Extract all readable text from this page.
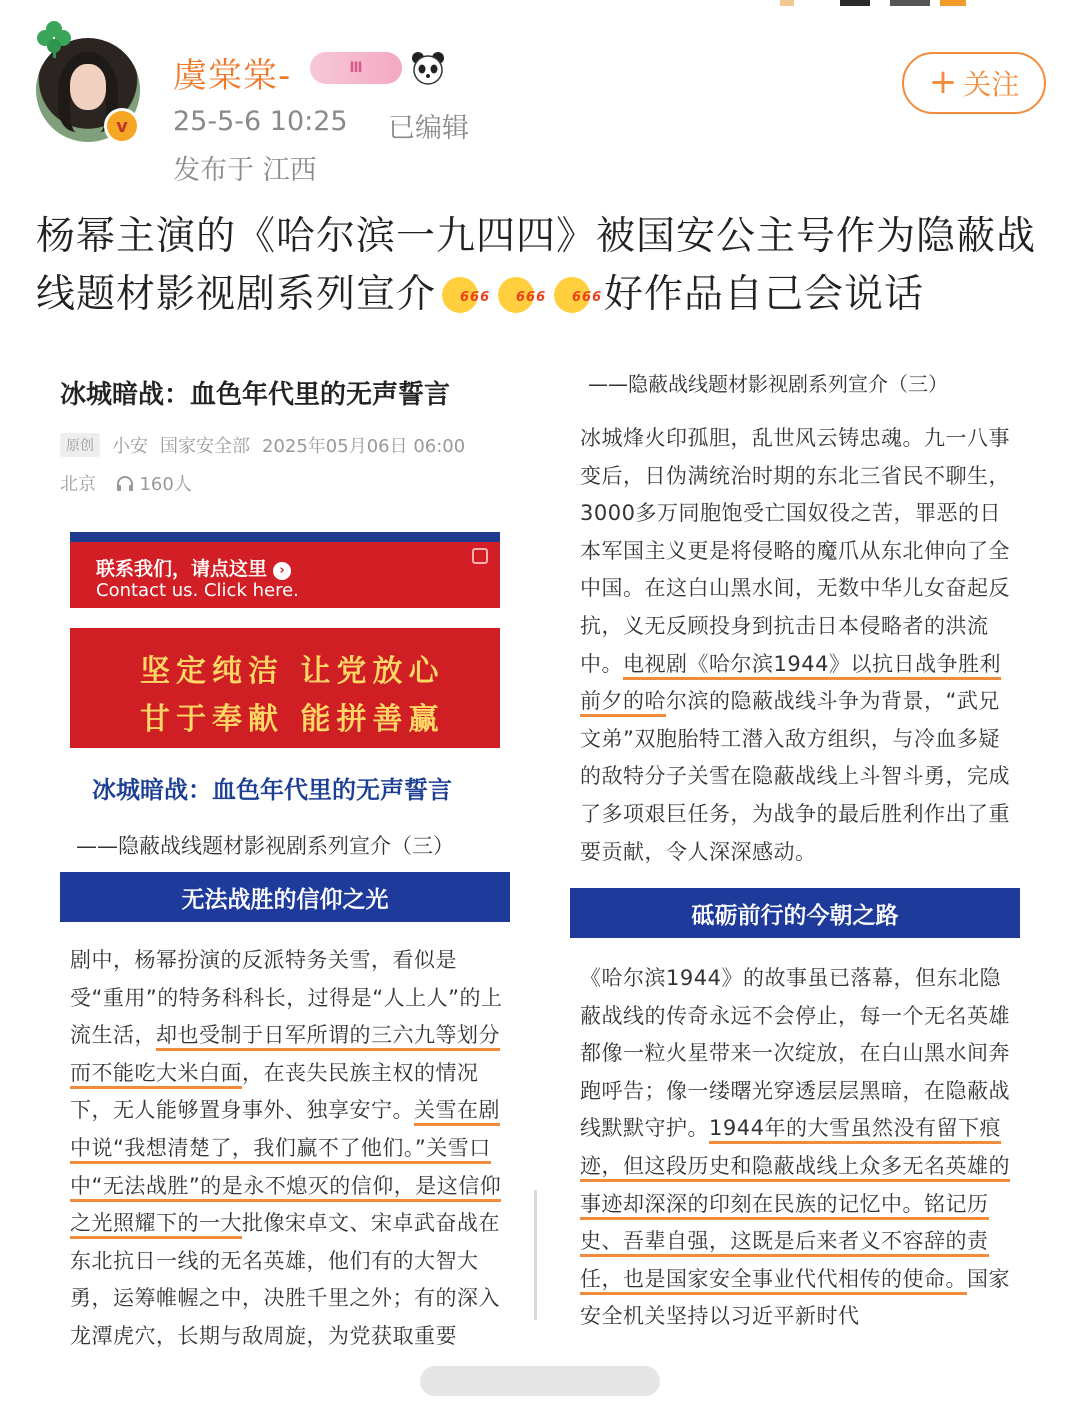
v
虞棠棠-	Ⅲ
25-5-6 10:25 已编辑
发布于 江西
+ 关注
杨幂主演的《哈尔滨一九四四》被国安公主号作为隐蔽战线题材影视剧系列宣介 666 666 666 好作品自己会说话
冰城暗战：血色年代里的无声誓言
原创	小安 国家安全部 2025年05月06日 06:00
北京 160人
联系我们，请点这里 ›
Contact us. Click here.
坚定纯洁 让党放心
甘于奉献 能拼善赢
冰城暗战：血色年代里的无声誓言
——隐蔽战线题材影视剧系列宣介（三）
无法战胜的信仰之光
剧中，杨幂扮演的反派特务关雪，看似是受“重用”的特务科科长，过得是“人上人”的上流生活，却也受制于日军所谓的三六九等划分而不能吃大米白面，在丧失民族主权的情况下，无人能够置身事外、独享安宁。关雪在剧中说“我想清楚了，我们赢不了他们。”关雪口中“无法战胜”的是永不熄灭的信仰，是这信仰之光照耀下的一大批像宋卓文、宋卓武奋战在东北抗日一线的无名英雄，他们有的大智大勇，运筹帷幄之中，决胜千里之外；有的深入龙潭虎穴，长期与敌周旋，为党获取重要
——隐蔽战线题材影视剧系列宣介（三）
冰城烽火印孤胆，乱世风云铸忠魂。九一八事变后，日伪满统治时期的东北三省民不聊生，3000多万同胞饱受亡国奴役之苦，罪恶的日本军国主义更是将侵略的魔爪从东北伸向了全中国。在这白山黑水间，无数中华儿女奋起反抗，义无反顾投身到抗击日本侵略者的洪流中。电视剧《哈尔滨1944》以抗日战争胜利前夕的哈尔滨的隐蔽战线斗争为背景，“武兄文弟”双胞胎特工潜入敌方组织，与冷血多疑的敌特分子关雪在隐蔽战线上斗智斗勇，完成了多项艰巨任务，为战争的最后胜利作出了重要贡献，令人深深感动。
砥砺前行的今朝之路
《哈尔滨1944》的故事虽已落幕，但东北隐蔽战线的传奇永远不会停止，每一个无名英雄都像一粒火星带来一次绽放，在白山黑水间奔跑呼告；像一缕曙光穿透层层黑暗，在隐蔽战线默默守护。1944年的大雪虽然没有留下痕迹，但这段历史和隐蔽战线上众多无名英雄的事迹却深深的印刻在民族的记忆中。铭记历史、吾辈自强，这既是后来者义不容辞的责任，也是国家安全事业代代相传的使命。国家安全机关坚持以习近平新时代
